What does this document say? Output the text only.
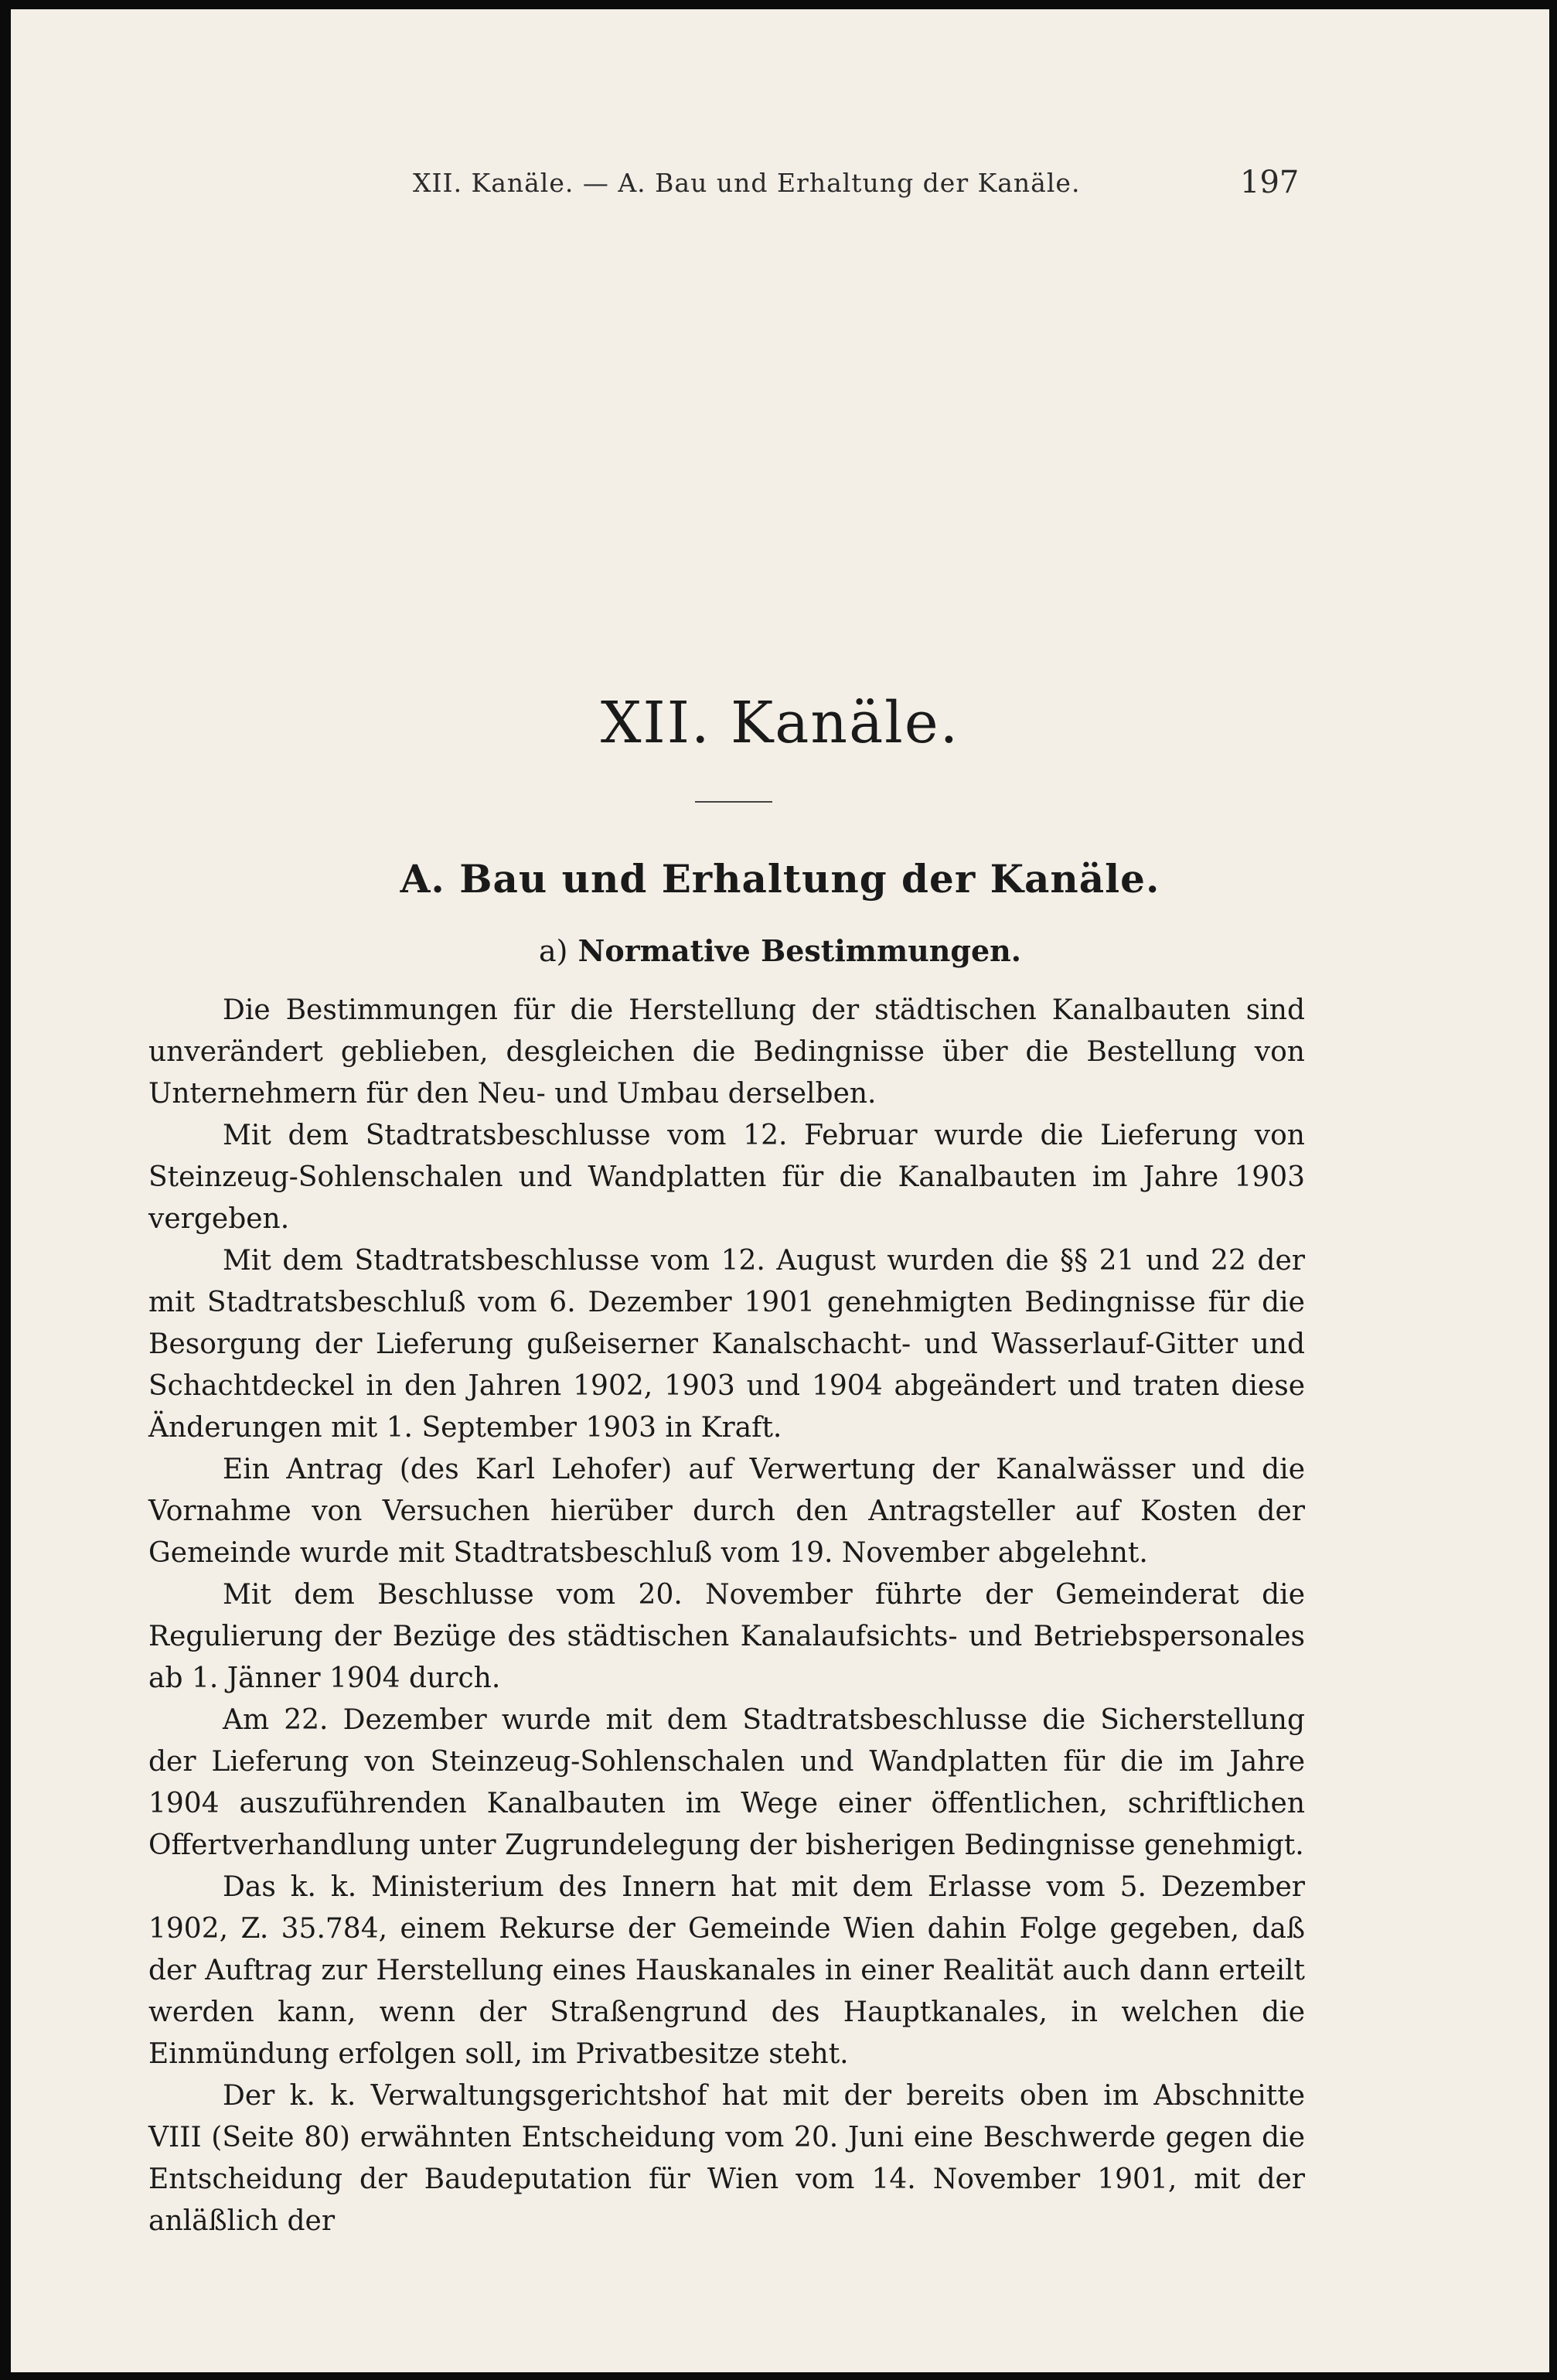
XII. Kanäle. — A. Bau und Erhaltung der Kanäle.	197
XII. Kanäle.
A. Bau und Erhaltung der Kanäle.
a) Normative Bestimmungen.

Die Bestimmungen für die Herstellung der städtischen Kanalbauten sind unverändert geblieben, desgleichen die Bedingnisse über die Bestellung von Unternehmern für den Neu- und Umbau derselben.

Mit dem Stadtratsbeschlusse vom 12. Februar wurde die Lieferung von Steinzeug-Sohlenschalen und Wandplatten für die Kanalbauten im Jahre 1903 vergeben.

Mit dem Stadtratsbeschlusse vom 12. August wurden die §§ 21 und 22 der mit Stadtratsbeschluß vom 6. Dezember 1901 genehmigten Bedingnisse für die Besorgung der Lieferung gußeiserner Kanalschacht- und Wasserlauf-Gitter und Schachtdeckel in den Jahren 1902, 1903 und 1904 abgeändert und traten diese Änderungen mit 1. September 1903 in Kraft.

Ein Antrag (des Karl Lehofer) auf Verwertung der Kanalwässer und die Vornahme von Versuchen hierüber durch den Antragsteller auf Kosten der Gemeinde wurde mit Stadtratsbeschluß vom 19. November abgelehnt.

Mit dem Beschlusse vom 20. November führte der Gemeinderat die Regulierung der Bezüge des städtischen Kanalaufsichts- und Betriebspersonales ab 1. Jänner 1904 durch.

Am 22. Dezember wurde mit dem Stadtratsbeschlusse die Sicherstellung der Lieferung von Steinzeug-Sohlenschalen und Wandplatten für die im Jahre 1904 auszuführenden Kanalbauten im Wege einer öffentlichen, schriftlichen Offertverhandlung unter Zugrundelegung der bisherigen Bedingnisse genehmigt.

Das k. k. Ministerium des Innern hat mit dem Erlasse vom 5. Dezember 1902, Z. 35.784, einem Rekurse der Gemeinde Wien dahin Folge gegeben, daß der Auftrag zur Herstellung eines Hauskanales in einer Realität auch dann erteilt werden kann, wenn der Straßengrund des Hauptkanales, in welchen die Einmündung erfolgen soll, im Privatbesitze steht.

Der k. k. Verwaltungsgerichtshof hat mit der bereits oben im Abschnitte VIII (Seite 80) erwähnten Entscheidung vom 20. Juni eine Beschwerde gegen die Entscheidung der Baudeputation für Wien vom 14. November 1901, mit der anläßlich der
